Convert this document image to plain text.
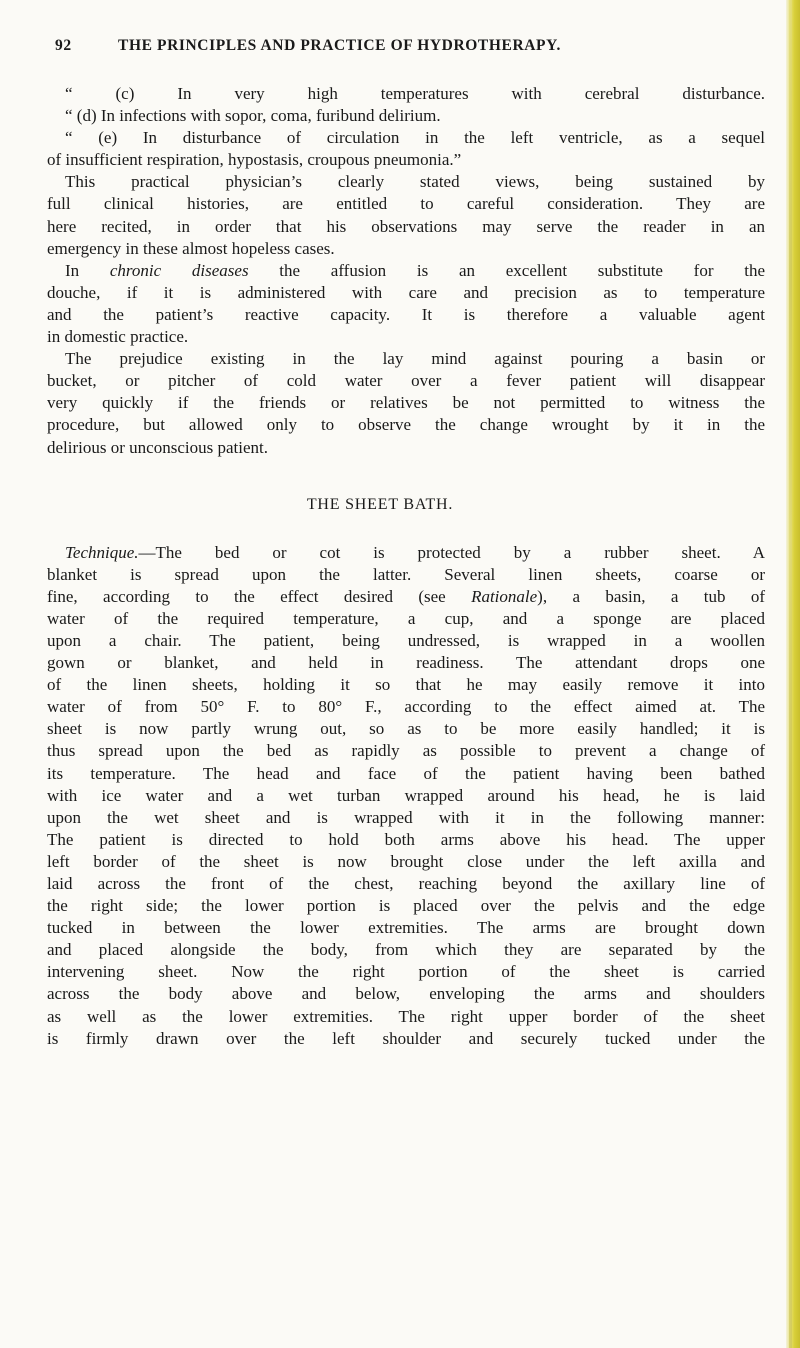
92	THE PRINCIPLES AND PRACTICE OF HYDROTHERAPY.
“ (c) In very high temperatures with cerebral disturbance.
“ (d) In infections with sopor, coma, furibund delirium.
“ (e) In disturbance of circulation in the left ventricle, as a sequel
of insufficient respiration, hypostasis, croupous pneumonia.”
This practical physician’s clearly stated views, being sustained by
full clinical histories, are entitled to careful consideration. They are
here recited, in order that his observations may serve the reader in an
emergency in these almost hopeless cases.
In chronic diseases the affusion is an excellent substitute for the
douche, if it is administered with care and precision as to temperature
and the patient’s reactive capacity. It is therefore a valuable agent
in domestic practice.
The prejudice existing in the lay mind against pouring a basin or
bucket, or pitcher of cold water over a fever patient will disappear
very quickly if the friends or relatives be not permitted to witness the
procedure, but allowed only to observe the change wrought by it in the
delirious or unconscious patient.
THE SHEET BATH.
Technique.—The bed or cot is protected by a rubber sheet. A
blanket is spread upon the latter. Several linen sheets, coarse or
fine, according to the effect desired (see Rationale), a basin, a tub of
water of the required temperature, a cup, and a sponge are placed
upon a chair. The patient, being undressed, is wrapped in a woollen
gown or blanket, and held in readiness. The attendant drops one
of the linen sheets, holding it so that he may easily remove it into
water of from 50° F. to 80° F., according to the effect aimed at. The
sheet is now partly wrung out, so as to be more easily handled; it is
thus spread upon the bed as rapidly as possible to prevent a change of
its temperature. The head and face of the patient having been bathed
with ice water and a wet turban wrapped around his head, he is laid
upon the wet sheet and is wrapped with it in the following manner:
The patient is directed to hold both arms above his head. The upper
left border of the sheet is now brought close under the left axilla and
laid across the front of the chest, reaching beyond the axillary line of
the right side; the lower portion is placed over the pelvis and the edge
tucked in between the lower extremities. The arms are brought down
and placed alongside the body, from which they are separated by the
intervening sheet. Now the right portion of the sheet is carried
across the body above and below, enveloping the arms and shoulders
as well as the lower extremities. The right upper border of the sheet
is firmly drawn over the left shoulder and securely tucked under the
